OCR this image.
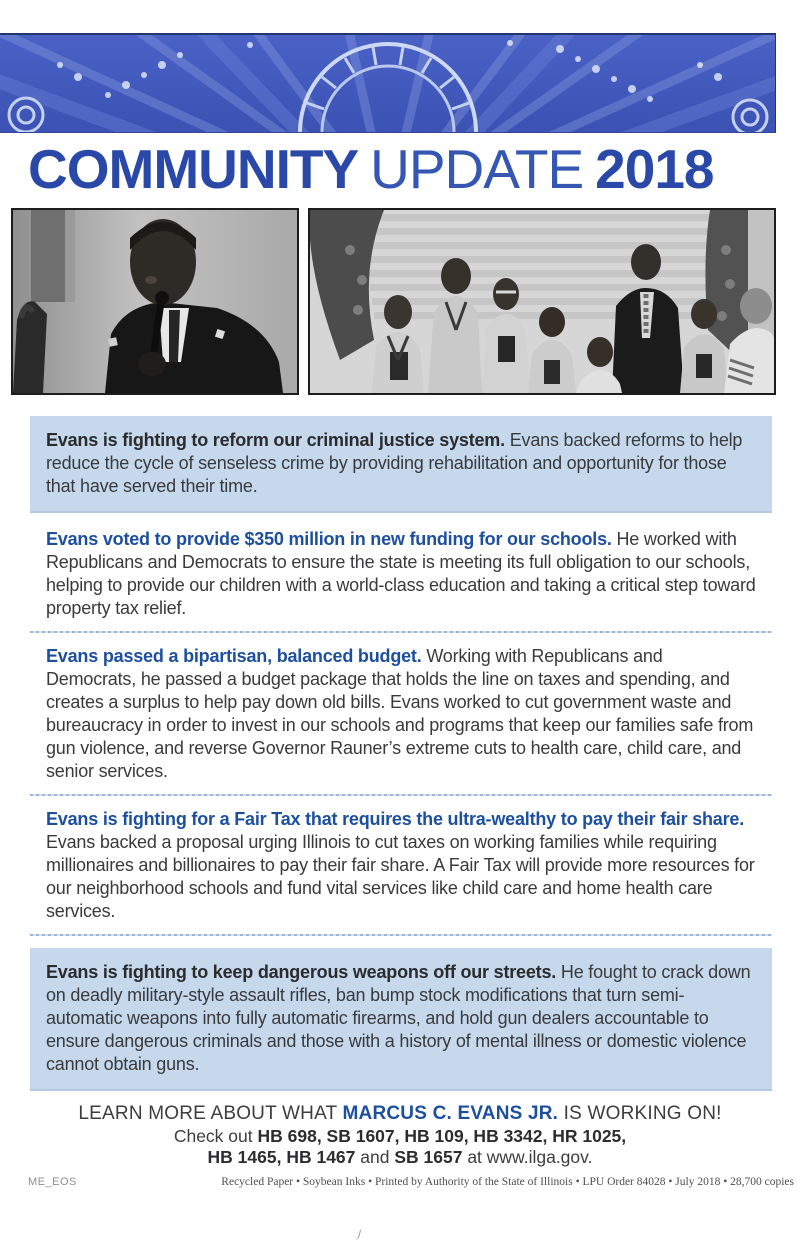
COMMUNITY UPDATE 2018
Evans is fighting to reform our criminal justice system. Evans backed reforms to help reduce the cycle of senseless crime by providing rehabilitation and opportunity for those that have served their time.
Evans voted to provide $350 million in new funding for our schools. He worked with Republicans and Democrats to ensure the state is meeting its full obligation to our schools, helping to provide our children with a world-class education and taking a critical step toward property tax relief.
Evans passed a bipartisan, balanced budget. Working with Republicans and Democrats, he passed a budget package that holds the line on taxes and spending, and creates a surplus to help pay down old bills. Evans worked to cut government waste and bureaucracy in order to invest in our schools and programs that keep our families safe from gun violence, and reverse Governor Rauner’s extreme cuts to health care, child care, and senior services.
Evans is fighting for a Fair Tax that requires the ultra-wealthy to pay their fair share. Evans backed a proposal urging Illinois to cut taxes on working families while requiring millionaires and billionaires to pay their fair share. A Fair Tax will provide more resources for our neighborhood schools and fund vital services like child care and home health care services.
Evans is fighting to keep dangerous weapons off our streets. He fought to crack down on deadly military-style assault rifles, ban bump stock modifications that turn semi-automatic weapons into fully automatic firearms, and hold gun dealers accountable to ensure dangerous criminals and those with a history of mental illness or domestic violence cannot obtain guns.

LEARN MORE ABOUT WHAT MARCUS C. EVANS JR. IS WORKING ON!

Check out HB 698, SB 1607, HB 109, HB 3342, HR 1025,

HB 1465, HB 1467 and SB 1657 at www.ilga.gov.

ME_EOS	Recycled Paper • Soybean Inks • Printed by Authority of the State of Illinois • LPU Order 84028 • July 2018 • 28,700 copies
